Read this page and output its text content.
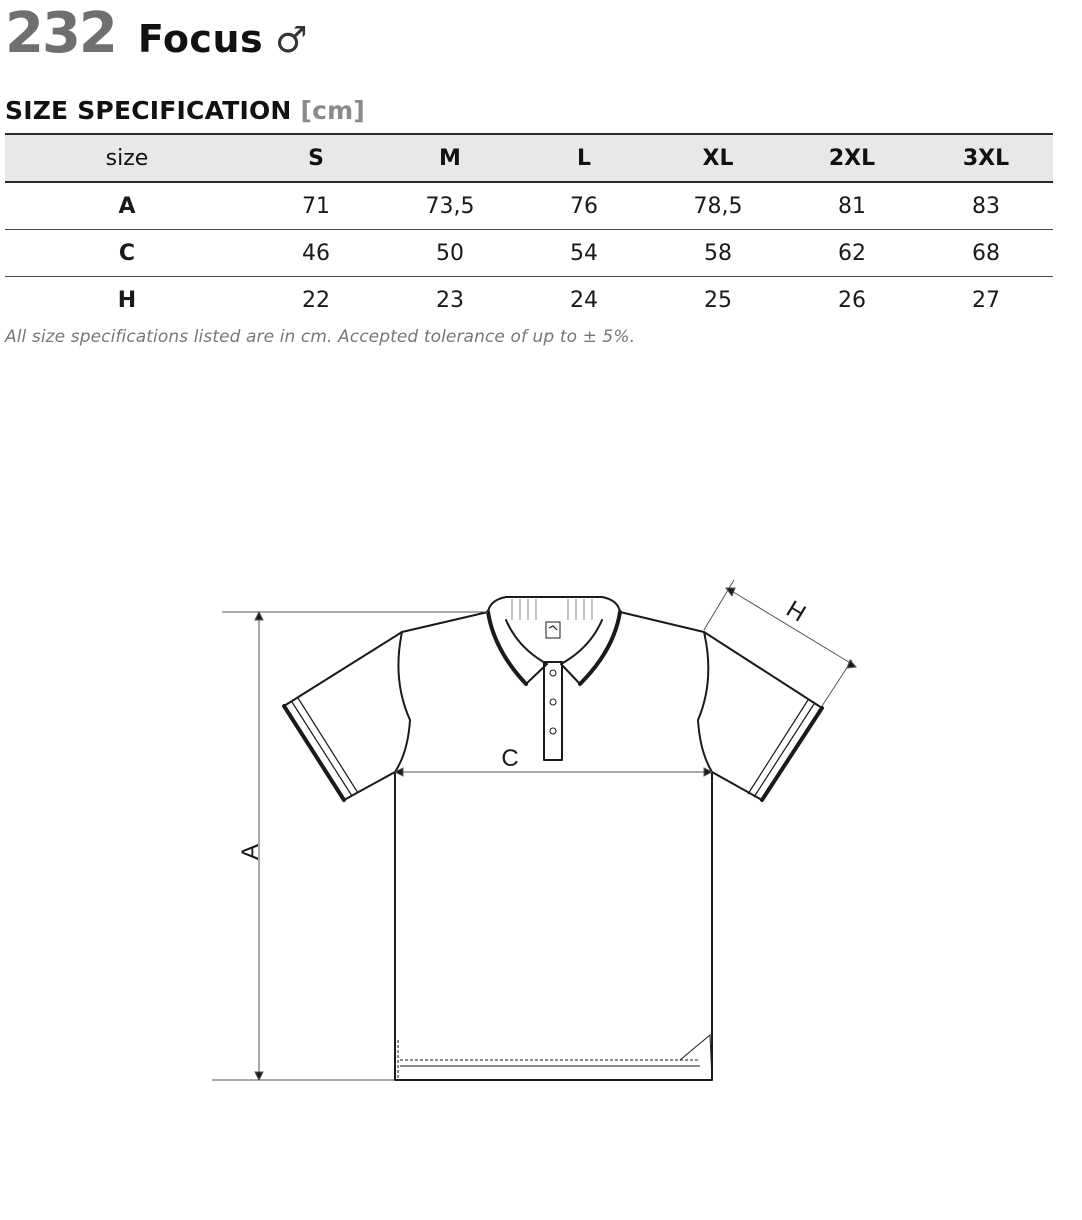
232 Focus ♂
SIZE SPECIFICATION [cm]
size	S	M	L	XL	2XL	3XL
A	71	73,5	76	78,5	81	83
C	46	50	54	58	62	68
H	22	23	24	25	26	27
All size specifications listed are in cm. Accepted tolerance of up to ± 5%.
A
C
H
